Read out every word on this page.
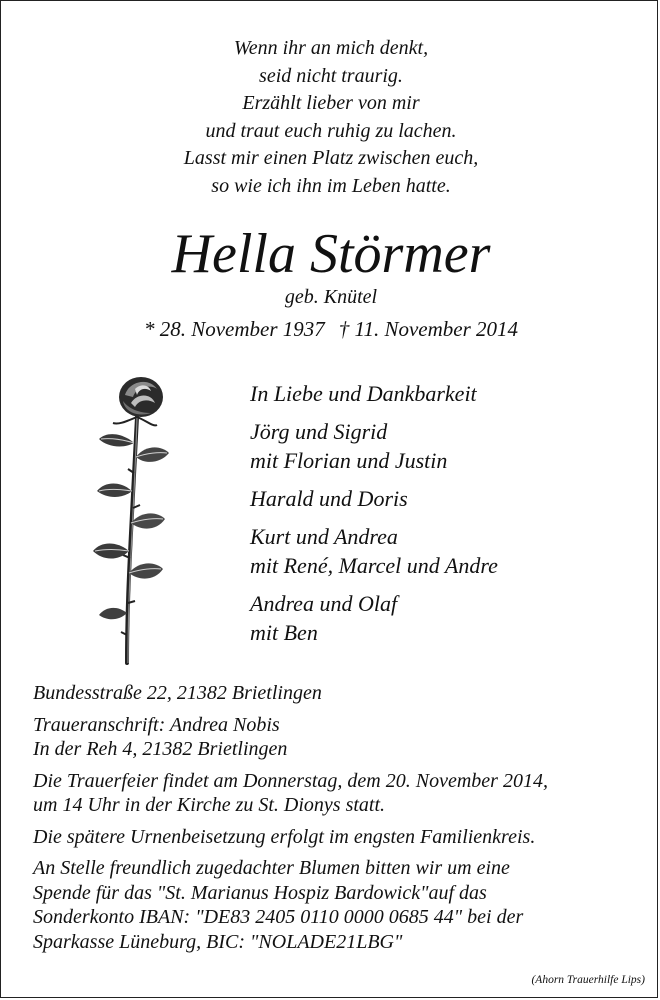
Wenn ihr an mich denkt,
seid nicht traurig.
Erzählt lieber von mir
und traut euch ruhig zu lachen.
Lasst mir einen Platz zwischen euch,
so wie ich ihn im Leben hatte.
Hella Störmer
geb. Knütel
* 28. November 1937 † 11. November 2014
In Liebe und Dankbarkeit
Jörg und Sigrid
mit Florian und Justin
Harald und Doris
Kurt und Andrea
mit René, Marcel und Andre
Andrea und Olaf
mit Ben
Bundesstraße 22, 21382 Brietlingen
Traueranschrift: Andrea Nobis
In der Reh 4, 21382 Brietlingen
Die Trauerfeier findet am Donnerstag, dem 20. November 2014,
um 14 Uhr in der Kirche zu St. Dionys statt.
Die spätere Urnenbeisetzung erfolgt im engsten Familienkreis.
An Stelle freundlich zugedachter Blumen bitten wir um eine
Spende für das "St. Marianus Hospiz Bardowick"auf das
Sonderkonto IBAN: "DE83 2405 0110 0000 0685 44" bei der
Sparkasse Lüneburg, BIC: "NOLADE21LBG"
(Ahorn Trauerhilfe Lips)
